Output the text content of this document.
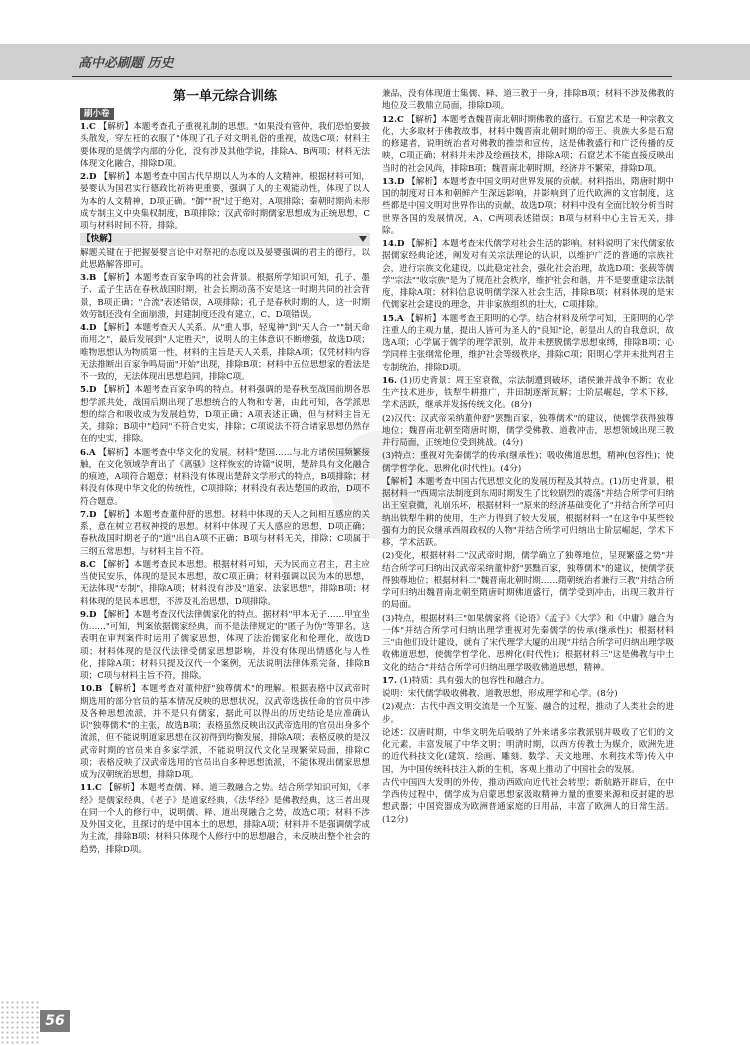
高中必刷题 历史
第一单元综合训练
刷小卷
1.C 【解析】本题考查孔子重视礼制的思想。"如果没有管仲，我们恐怕要披头散发，穿左衽的衣服了"体现了孔子对文明礼俗的重视，故选C项；材料主要体现的是儒学内部的分化，没有涉及其他学说，排除A、B两项；材料无法体现文化融合，排除D项。
2.D 【解析】本题考查中国古代早期以人为本的人文精神。根据材料可知，晏婴认为国君实行德政比祈祷更重要，强调了人的主观能动性，体现了以人为本的人文精神，D项正确。"御""祝"过于绝对，A项排除；秦朝时期尚未形成专制主义中央集权制度，B项排除；汉武帝时期儒家思想成为正统思想，C项与材料时间不符，排除。
【快解】
解题关键在于把握晏婴言论中对祭祀的态度以及晏婴强调的君主的德行，以此思路解答即可。
3.B 【解析】本题考查百家争鸣的社会背景。根据所学知识可知，孔子、墨子、孟子生活在春秋战国时期，社会长期动荡不安是这一时期共同的社会背景，B项正确；"合流"表述错误，A项排除；孔子是春秋时期的人，这一时期效劳制还没有全面崩溃，封建制度还没有建立，C、D项错误。
4.D 【解析】本题考查天人关系。从"重人事，轻鬼神"到"天人合一""制天命而用之"，最后发展到"人定胜天"，说明人的主体意识不断增强，故选D项；唯物思想认为物质第一性，材料的主旨是天人关系，排除A项；仅凭材料内容无法推断出百家争鸣局面"开始"出现，排除B项；材料中五位思想家的看法是不一致的，无法体现出思想趋同，排除C项。
5.D 【解析】本题考查百家争鸣的特点。材料强调的是春秋至战国前期各思想学派共处，战国后期出现了思想统合的人物和专著，由此可知，各学派思想的综合和吸收成为发展趋势，D项正确；A项表述正确，但与材料主旨无关，排除；B项中"趋同"不符合史实，排除；C项说法不符合诸家思想仍然存在的史实，排除。
6.A 【解析】本题考查中华文化的发展。材料"楚国……与北方诸侯国频繁接触，在文化领域孕育出了《离骚》这样恢宏的诗篇"说明，楚辞具有文化融合的痕迹，A项符合题意；材料没有体现出楚辞文学形式的特点，B项排除；材料没有体现中华文化的传统性，C项排除；材料没有表达楚国的政治，D项不符合题意。
7.D 【解析】本题考查董仲舒的思想。材料中体现的天人之间相互感应的关系，意在树立君权神授的思想。材料中体现了天人感应的思想，D项正确；春秋战国时期老子的"道"出自A项不正确；B项与材料无关，排除；C项属于三纲五常思想，与材料主旨不符。
8.C 【解析】本题考查民本思想。根据材料可知，天为民而立君主，君主应当使民安乐，体现的是民本思想，故C项正确；材料强调以民为本的思想，无法体现"专制"，排除A项；材料没有涉及"道家、法家思想"，排除B项；材料体现的是民本思想，不涉及礼治思想，D项排除。
9.D 【解析】本题考查汉代法律儒家化的特点。据材料"甲本无子……甲宜坐伪……"可知，判案依据儒家经典，而不是法律规定的"匿子为伪"等罪名，这表明在审判案件时运用了儒家思想，体现了法治儒家化和伦理化，故选D项；材料体现的是汉代法律受儒家思想影响，并没有体现出情感化与人性化，排除A项；材料只提及汉代一个案例，无法说明法律体系完备，排除B项；C项与材料主旨不符，排除。
10.B 【解析】本题考查对董仲舒"独尊儒术"的理解。根据表格中汉武帝时期选用的部分官员的基本情况反映的思想状况，汉武帝选拔任命的官员中涉及各种思想流派，并不是只有儒家，据此可以得出的历史结论是应准确认识"独尊儒术"的主张，故选B项；表格虽然反映出汉武帝选用的官员出身多个流派，但不能说明道家思想在汉初得到均衡发展，排除A项；表格反映的是汉武帝时期的官员来自多家学派，不能说明汉代文化呈现繁荣局面，排除C项；表格反映了汉武帝选用的官员出自多种思想流派，不能体现出儒家思想成为汉朝统治思想，排除D项。
11.C 【解析】本题考查儒、释、道三教融合之势。结合所学知识可知，《孝经》是儒家经典，《老子》是道家经典，《法华经》是佛教经典，这三者出现在同一个人的修行中，说明儒、释、道出现融合之势，故选C项；材料不涉及外国文化，且探讨的是中国本土的思想，排除A项；材料并不是强调儒学成为主流，排除B项；材料只体现个人修行中的思想融合，未反映出整个社会的趋势，排除D项。
兼品，没有体现道士集儒、释、道三教于一身，排除B项；材料不涉及佛教的地位及三教鼎立局面，排除D项。
12.C 【解析】本题考查魏晋南北朝时期佛教的盛行。石窟艺术是一种宗教文化，大多取材于佛教故事，材料中魏晋南北朝时期的帝王、贵族大多是石窟的修建者，说明统治者对佛教的推崇和宣传，这是佛教盛行和广泛传播的反映，C项正确；材料并未涉及绘画技术，排除A项；石窟艺术不能直接反映出当时的社会风尚，排除B项；魏晋南北朝时期，经济并不繁荣，排除D项。
13.D 【解析】本题考查中国文明对世界发展的贡献。材料指出，隋唐时期中国的制度对日本和朝鲜产生深远影响，并影响到了近代欧洲的文官制度，这些都是中国文明对世界作出的贡献，故选D项；材料中没有全面比较分析当时世界各国的发展情况，A、C两项表述错误；B项与材料中心主旨无关，排除。
14.D 【解析】本题考查宋代儒学对社会生活的影响。材料说明了宋代儒家依据儒家经典论述，阐发对有关宗法理论的认识，以维护广泛的普通的宗族社会，进行宗族文化建设，以此稳定社会，强化社会治理，故选D项；张载等儒学"宗法""收宗族"是为了规范社会秩序，维护社会和谐，并不是要重建宗法制度，排除A项；材料信息说明儒学深入社会生活，排除B项；材料体现的是宋代儒家社会建设的理念，并非家族组织的壮大，C项排除。
15.A 【解析】本题考查王阳明的心学。结合材料及所学可知，王阳明的心学注重人的主观力量，提出人皆可为圣人的"良知"论，彰显出人的自我意识，故选A项；心学属于儒学的理学派别，故并未摆脱儒学思想束缚，排除B项；心学同样主张纲常伦理，维护社会等级秩序，排除C项；阳明心学并未批判君主专制统治，排除D项。
16. (1)历史背景：周王室衰微，宗法制遭到破坏，诸侯兼并战争不断；农业生产技术进步，铁犁牛耕推广，井田制逐渐瓦解；士阶层崛起，学术下移，学术活跃，继承并发扬传统文化。(8分)
(2)汉代：汉武帝采纳董仲舒"罢黜百家，独尊儒术"的建议，使儒学获得独尊地位；魏晋南北朝至隋唐时期，儒学受佛教、道教冲击，思想领域出现三教并行局面，正统地位受到挑战。(4分)
(3)特点：重视对先秦儒学的传承(继承性)；吸收佛道思想，精神(包容性)；使儒学哲学化、思辨化(时代性)。(4分)
【解析】本题考查中国古代思想文化的发展历程及其特点。(1)历史背景，根据材料一"西周宗法制度到东周时期发生了比较剧烈的震荡"并结合所学可归纳出王室衰微，礼崩乐坏，根据材料一"原来的经济基础变化了"并结合所学可归纳出铁犁牛耕的使用，生产力得到了较大发展，根据材料一"在这争中某些较强有力的民众继承西周政权的人物"并结合所学可归纳出士阶层崛起，学术下移，学术活跃。
(2)变化，根据材料二"汉武帝时期，儒学确立了独尊地位，呈现繁盛之势"并结合所学可归纳出汉武帝采纳董仲舒"罢黜百家，独尊儒术"的建议，使儒学获得独尊地位；根据材料二"魏晋南北朝时期……隋朝统治者兼行三教"并结合所学可归纳出魏晋南北朝至隋唐时期佛道盛行，儒学受到冲击，出现三教并行的局面。
(3)特点，根据材料三"如果儒家将《论语》《孟子》《大学》和《中庸》融合为一体"并结合所学可归纳出理学重视对先秦儒学的传承(继承性)；根据材料三"由他们设计建设，就有了宋代理学大厦的出现"并结合所学可归纳出理学吸收佛道思想，使儒学哲学化、思辨化(时代性)；根据材料三"这是佛教与中土文化的结合"并结合所学可归纳出理学吸收佛道思想，精神。
17. (1)特质：具有强大的包容性和融合力。
说明：宋代儒学吸收佛教、道教思想，形成理学和心学。(8分)
(2)观点：古代中西文明交流是一个互鉴、融合的过程，推动了人类社会的进步。
论述：汉唐时期，中华文明先后吸纳了外来诸多宗教派别并吸收了它们的文化元素，丰富发展了中华文明；明清时期，以西方传教士为媒介，欧洲先进的近代科技文化(建筑、绘画、雕刻、数学、天文地理、水利技术等)传入中国，为中国传统科技注入新的生机，客观上推动了中国社会的发展。
古代中国四大发明的外传，推动西欧向近代社会转型；新航路开辟后，在中学西传过程中，儒学成为启蒙思想家汲取精神力量的重要来源和反封建的思想武器；中国瓷器成为欧洲普通家庭的日用品，丰富了欧洲人的日常生活。(12分)
56
